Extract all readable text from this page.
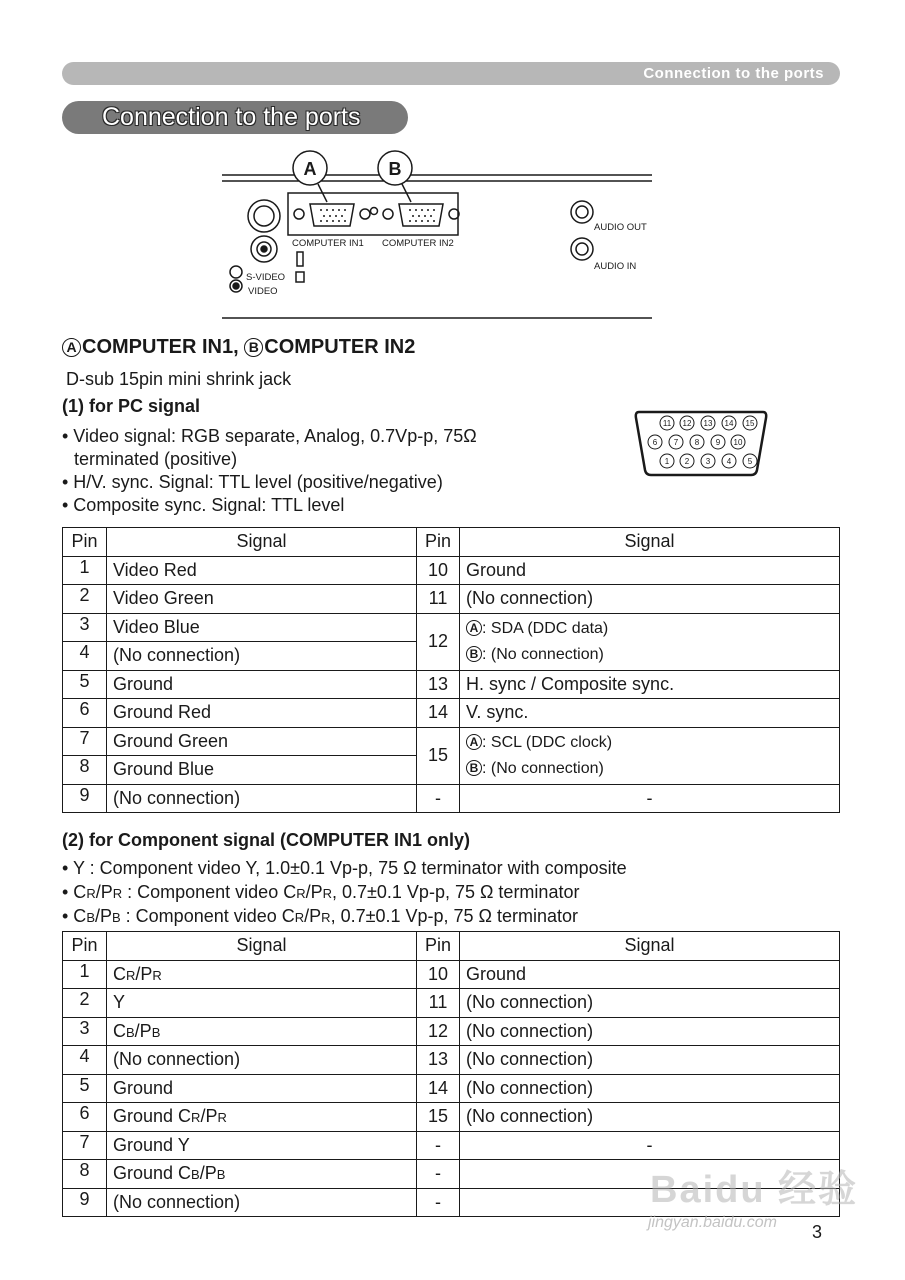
Connection to the ports
Connection to the ports
A	B
COMPUTER IN1 COMPUTER IN2
S-VIDEO
VIDEO
AUDIO OUT
AUDIO IN
A COMPUTER IN1, B COMPUTER IN2
D-sub 15pin mini shrink jack
(1) for PC signal
• Video signal: RGB separate, Analog, 0.7Vp-p, 75Ω
terminated (positive)
• H/V. sync. Signal: TTL level (positive/negative)
• Composite sync. Signal: TTL level
11 12 13 14 15
6 7 8 9 10
1 2 3 4 5
Pin	Signal	Pin	Signal
1	Video Red	10	Ground
2	Video Green	11	(No connection)
3	Video Blue	12	A : SDA (DDC data)
B : (No connection)
4	(No connection)		
5	Ground	13	H. sync / Composite sync.
6	Ground Red	14	V. sync.
7	Ground Green	15	A : SCL (DDC clock)
B : (No connection)
8	Ground Blue		
9	(No connection)	-	-
(2) for Component signal (COMPUTER IN1 only)
• Y : Component video Y, 1.0±0.1 Vp-p, 75 Ω terminator with composite
• CR/PR : Component video CR/PR, 0.7±0.1 Vp-p, 75 Ω terminator
• CB/PB : Component video CR/PR, 0.7±0.1 Vp-p, 75 Ω terminator
Pin	Signal	Pin	Signal
1	CR/PR	10	Ground
2	Y	11	(No connection)
3	CB/PB	12	(No connection)
4	(No connection)	13	(No connection)
5	Ground	14	(No connection)
6	Ground CR/PR	15	(No connection)
7	Ground Y	-	-
8	Ground CB/PB	-	
9	(No connection)	-		Baidu 经验
jingyan.baidu.com 3
